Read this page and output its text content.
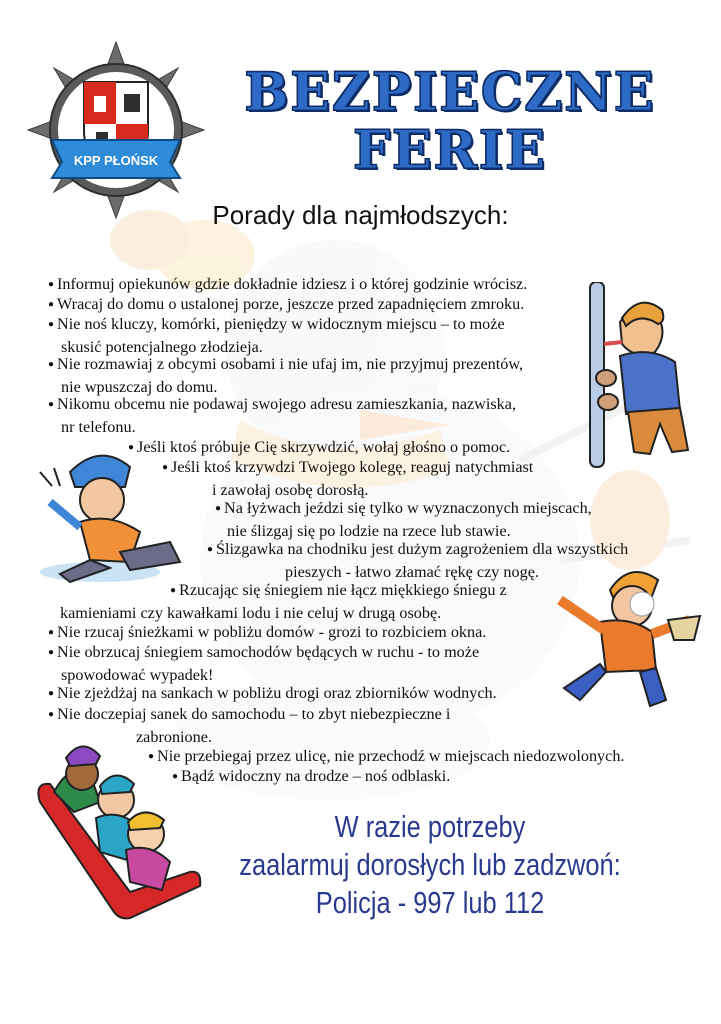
KPP PŁOŃSK
BEZPIECZNE
FERIE
Porady dla najmłodszych:
● Informuj opiekunów gdzie dokładnie idziesz i o której godzinie wrócisz.
● Wracaj do domu o ustalonej porze, jeszcze przed zapadnięciem zmroku.
● Nie noś kluczy, komórki, pieniędzy w widocznym miejscu – to może
skusić potencjalnego złodzieja.
● Nie rozmawiaj z obcymi osobami i nie ufaj im, nie przyjmuj prezentów,
nie wpuszczaj do domu.
● Nikomu obcemu nie podawaj swojego adresu zamieszkania, nazwiska,
nr telefonu.
● Jeśli ktoś próbuje Cię skrzywdzić, wołaj głośno o pomoc.
● Jeśli ktoś krzywdzi Twojego kolegę, reaguj natychmiast
i zawołaj osobę dorosłą.
● Na łyżwach jeździ się tylko w wyznaczonych miejscach,
nie ślizgaj się po lodzie na rzece lub stawie.
● Ślizgawka na chodniku jest dużym zagrożeniem dla wszystkich
pieszych - łatwo złamać rękę czy nogę.
● Rzucając się śniegiem nie łącz miękkiego śniegu z
kamieniami czy kawałkami lodu i nie celuj w drugą osobę.
● Nie rzucaj śnieżkami w pobliżu domów - grozi to rozbiciem okna.
● Nie obrzucaj śniegiem samochodów będących w ruchu - to może
spowodować wypadek!
● Nie zjeżdżaj na sankach w pobliżu drogi oraz zbiorników wodnych.
● Nie doczepiaj sanek do samochodu – to zbyt niebezpieczne i
zabronione.
● Nie przebiegaj przez ulicę, nie przechodź w miejscach niedozwolonych.
● Bądź widoczny na drodze – noś odblaski.
W razie potrzeby
zaalarmuj dorosłych lub zadzwoń:
Policja - 997 lub 112
